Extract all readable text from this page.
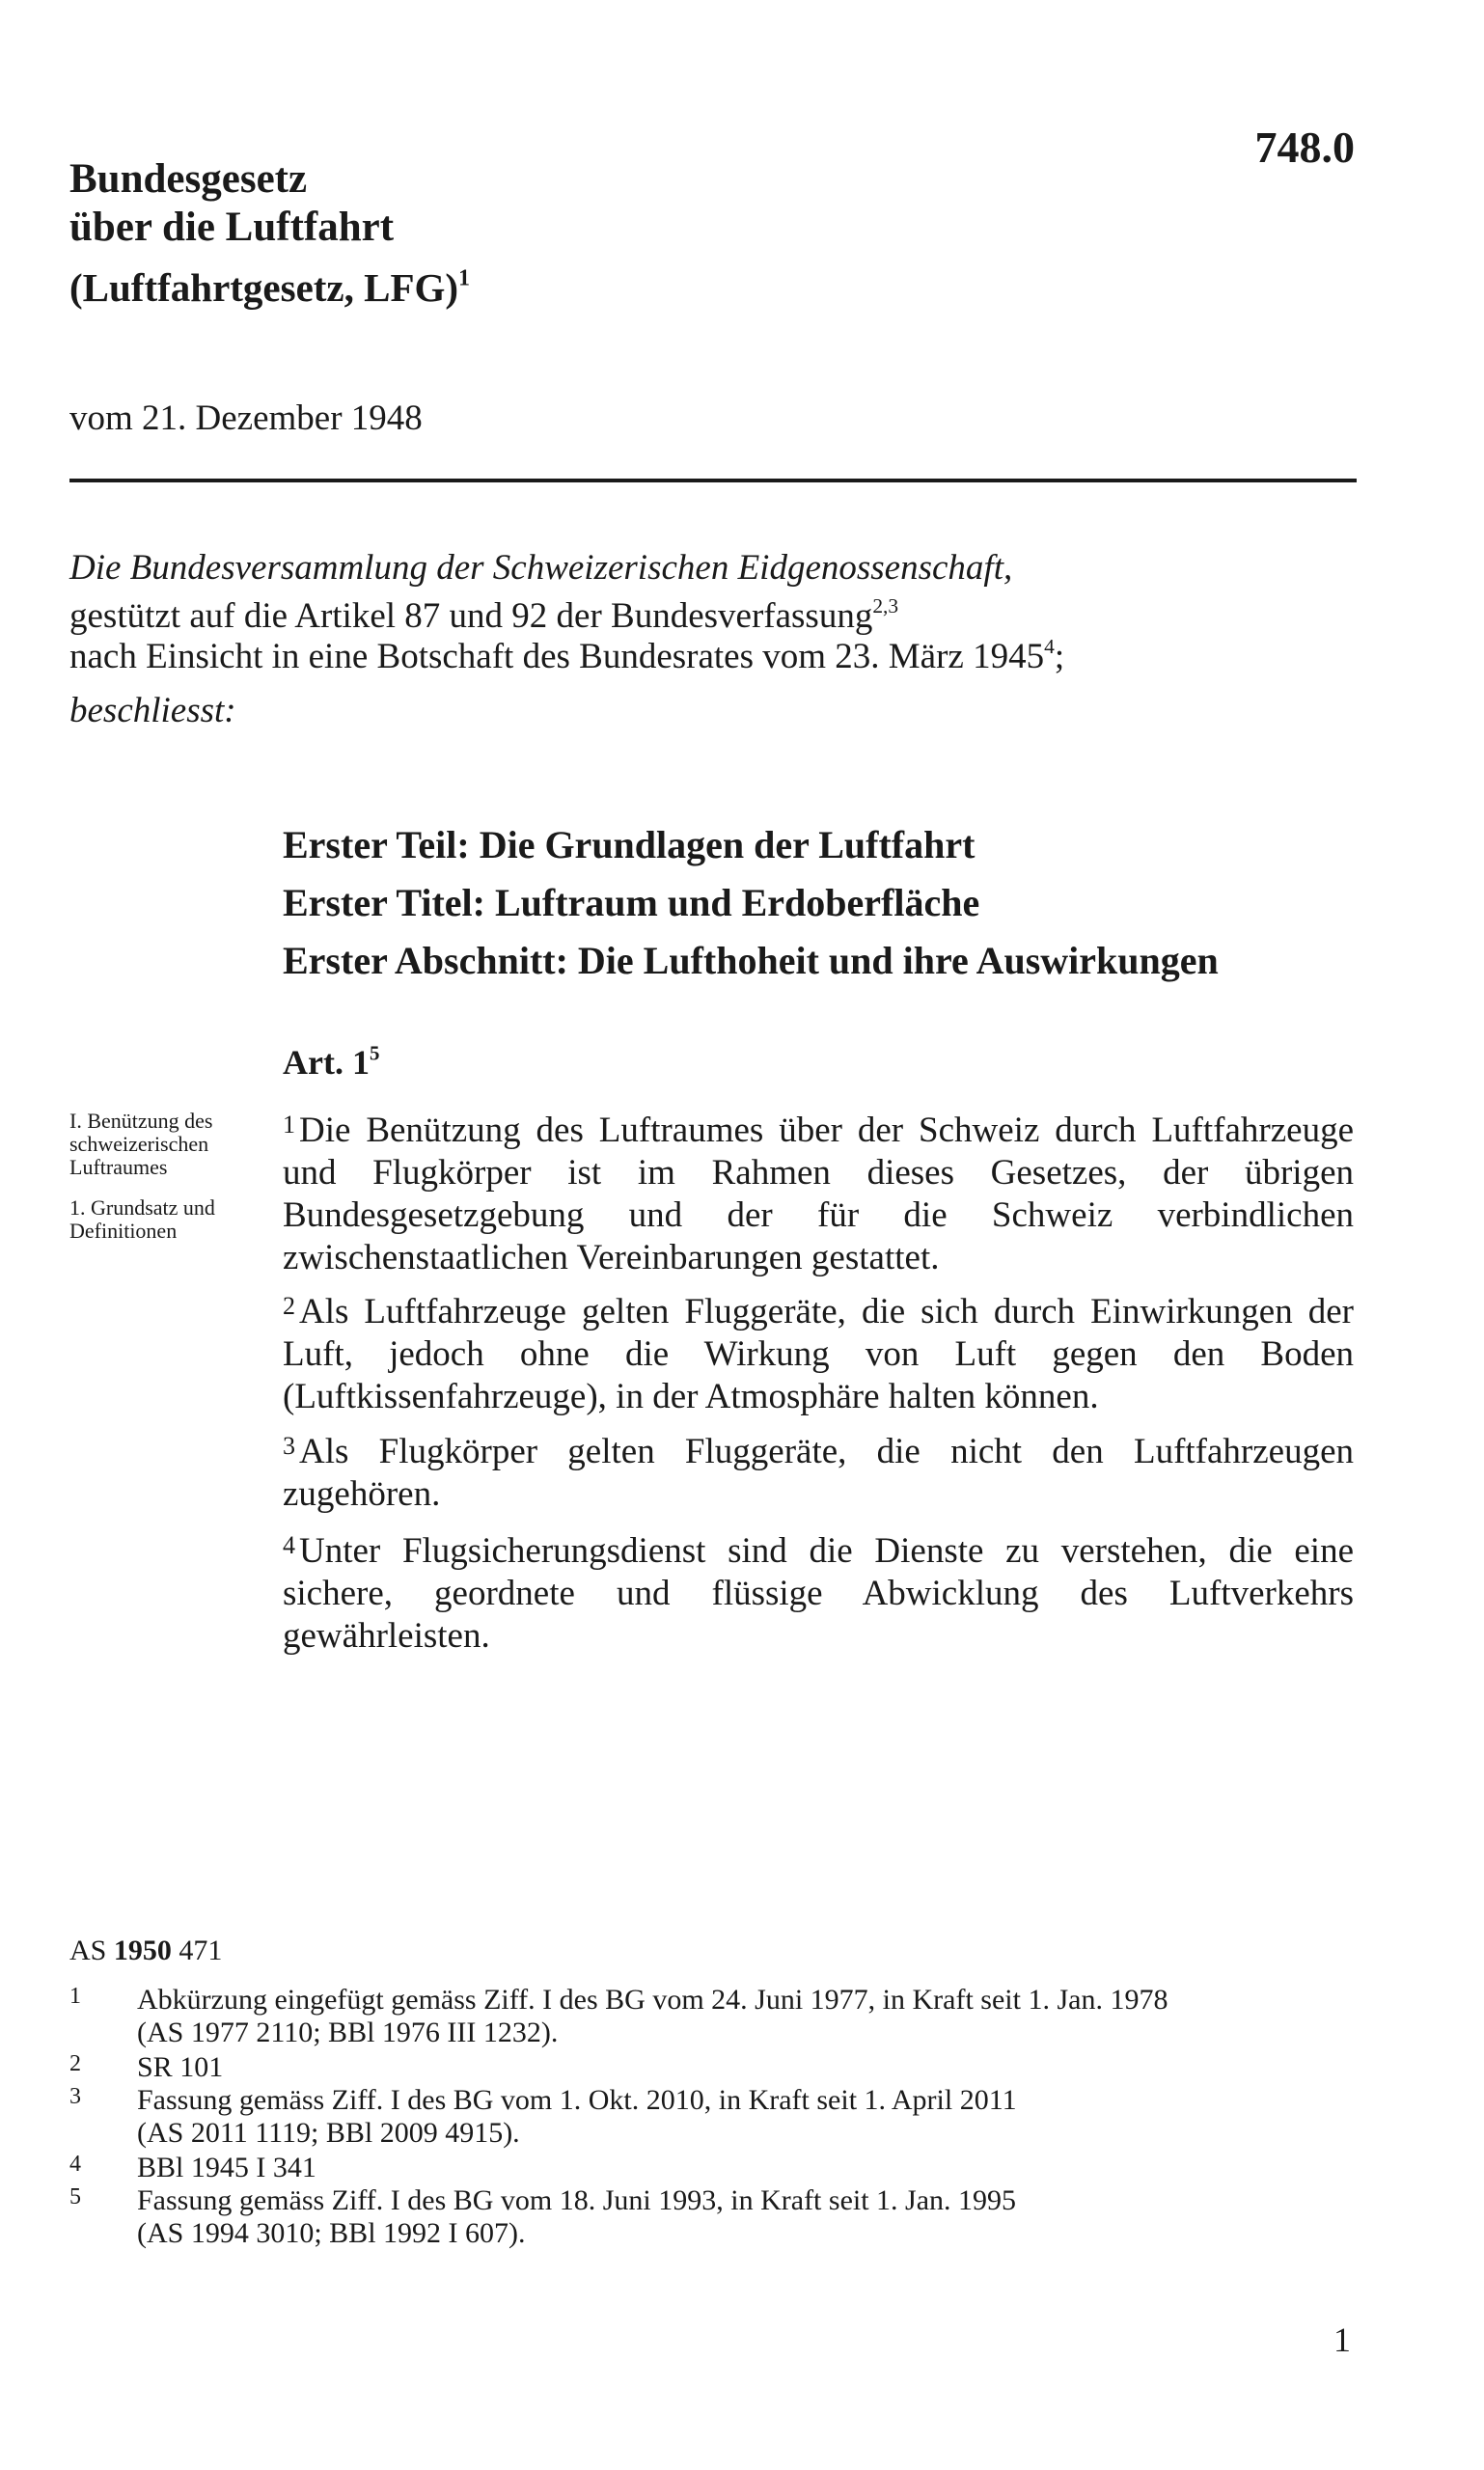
Bundesgesetz
über die Luftfahrt
(Luftfahrtgesetz, LFG)$^1$
748.0
vom 21. Dezember 1948
Die Bundesversammlung der Schweizerischen Eidgenossenschaft,
gestützt auf die Artikel 87 und 92 der Bundesverfassung$^{2,3}$
nach Einsicht in eine Botschaft des Bundesrates vom 23. März 1945$^4$;
beschliesst:
Erster Teil: Die Grundlagen der Luftfahrt
Erster Titel: Luftraum und Erdoberfläche
Erster Abschnitt: Die Lufthoheit und ihre Auswirkungen
Art. $1^5$
I. Benützung des schweizerischen Luftraumes
1. Grundsatz und Definitionen
$^1$ Die Benützung des Luftraumes über der Schweiz durch Luftfahrzeuge und Flugkörper ist im Rahmen dieses Gesetzes, der übrigen Bundesgesetzgebung und der für die Schweiz verbindlichen zwischenstaatlichen Vereinbarungen gestattet.
$^2$ Als Luftfahrzeuge gelten Fluggeräte, die sich durch Einwirkungen der Luft, jedoch ohne die Wirkung von Luft gegen den Boden (Luftkissenfahrzeuge), in der Atmosphäre halten können.
$^3$ Als Flugkörper gelten Fluggeräte, die nicht den Luftfahrzeugen zugehören.
$^4$ Unter Flugsicherungsdienst sind die Dienste zu verstehen, die eine sichere, geordnete und flüssige Abwicklung des Luftverkehrs gewährleisten.
AS 1950 471
1 Abkürzung eingefügt gemäss Ziff. I des BG vom 24. Juni 1977, in Kraft seit 1. Jan. 1978
(AS 1977 2110; BBl 1976 III 1232).
2 SR 101
3 Fassung gemäss Ziff. I des BG vom 1. Okt. 2010, in Kraft seit 1. April 2011
(AS 2011 1119; BBl 2009 4915).
4 BBl 1945 I 341
5 Fassung gemäss Ziff. I des BG vom 18. Juni 1993, in Kraft seit 1. Jan. 1995
(AS 1994 3010; BBl 1992 I 607).
1
